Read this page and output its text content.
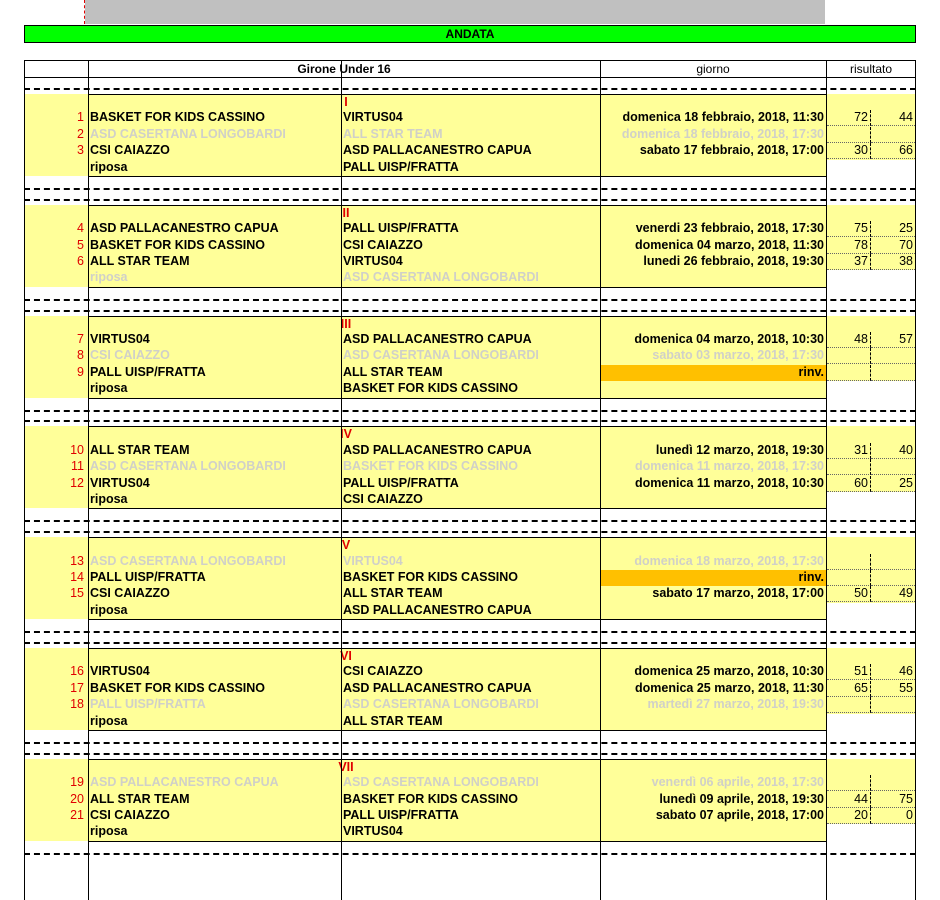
ANDATA
Girone Under 16	giorno	risultato
I
1 BASKET FOR KIDS CASSINO	VIRTUS04	domenica 18 febbraio, 2018, 11:30	72	44
2 ASD CASERTANA LONGOBARDI	ALL STAR TEAM	domenica 18 febbraio, 2018, 17:30
3 CSI CAIAZZO	ASD PALLACANESTRO CAPUA	sabato 17 febbraio, 2018, 17:00	30	66
riposa	PALL UISP/FRATTA
II
4 ASD PALLACANESTRO CAPUA	PALL UISP/FRATTA	venerdi 23 febbraio, 2018, 17:30	75	25
5 BASKET FOR KIDS CASSINO	CSI CAIAZZO	domenica 04 marzo, 2018, 11:30	78	70
6 ALL STAR TEAM	VIRTUS04	lunedi 26 febbraio, 2018, 19:30	37	38
riposa	ASD CASERTANA LONGOBARDI
III
7 VIRTUS04	ASD PALLACANESTRO CAPUA	domenica 04 marzo, 2018, 10:30	48	57
8 CSI CAIAZZO	ASD CASERTANA LONGOBARDI	sabato 03 marzo, 2018, 17:30
9 PALL UISP/FRATTA	ALL STAR TEAM	rinv.
riposa	BASKET FOR KIDS CASSINO
IV
10 ALL STAR TEAM	ASD PALLACANESTRO CAPUA	lunedì 12 marzo, 2018, 19:30	31	40
11 ASD CASERTANA LONGOBARDI	BASKET FOR KIDS CASSINO	domenica 11 marzo, 2018, 17:30
12 VIRTUS04	PALL UISP/FRATTA	domenica 11 marzo, 2018, 10:30	60	25
riposa	CSI CAIAZZO
V
13 ASD CASERTANA LONGOBARDI	VIRTUS04	domenica 18 marzo, 2018, 17:30
14 PALL UISP/FRATTA	BASKET FOR KIDS CASSINO	rinv.
15 CSI CAIAZZO	ALL STAR TEAM	sabato 17 marzo, 2018, 17:00	50	49
riposa	ASD PALLACANESTRO CAPUA
VI
16 VIRTUS04	CSI CAIAZZO	domenica 25 marzo, 2018, 10:30	51	46
17 BASKET FOR KIDS CASSINO	ASD PALLACANESTRO CAPUA	domenica 25 marzo, 2018, 11:30	65	55
18 PALL UISP/FRATTA	ASD CASERTANA LONGOBARDI	martedì 27 marzo, 2018, 19:30
riposa	ALL STAR TEAM
VII
19 ASD PALLACANESTRO CAPUA	ASD CASERTANA LONGOBARDI	venerdì 06 aprile, 2018, 17:30
20 ALL STAR TEAM	BASKET FOR KIDS CASSINO	lunedì 09 aprile, 2018, 19:30	44	75
21 CSI CAIAZZO	PALL UISP/FRATTA	sabato 07 aprile, 2018, 17:00	20	0
riposa	VIRTUS04
